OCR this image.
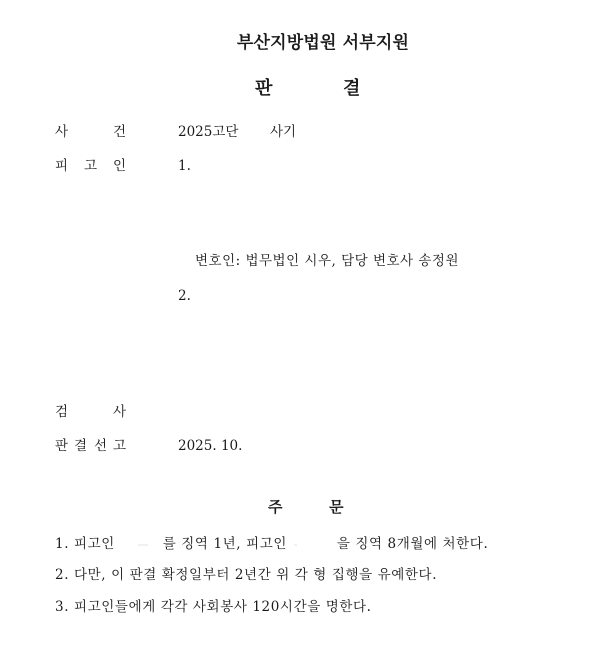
부산지방법원 서부지원
판	결
사	건	2025고단 사기
피 고 인	1.
변호인: 법무법인 시우, 담당 변호사 송정원
2.
검	사
판 결 선 고	2025. 10.
주	문
1. 피고인	를 징역 1년, 피고인	을 징역 8개월에 처한다.
2. 다만, 이 판결 확정일부터 2년간 위 각 형 집행을 유예한다.
3. 피고인들에게 각각 사회봉사 120시간을 명한다.
